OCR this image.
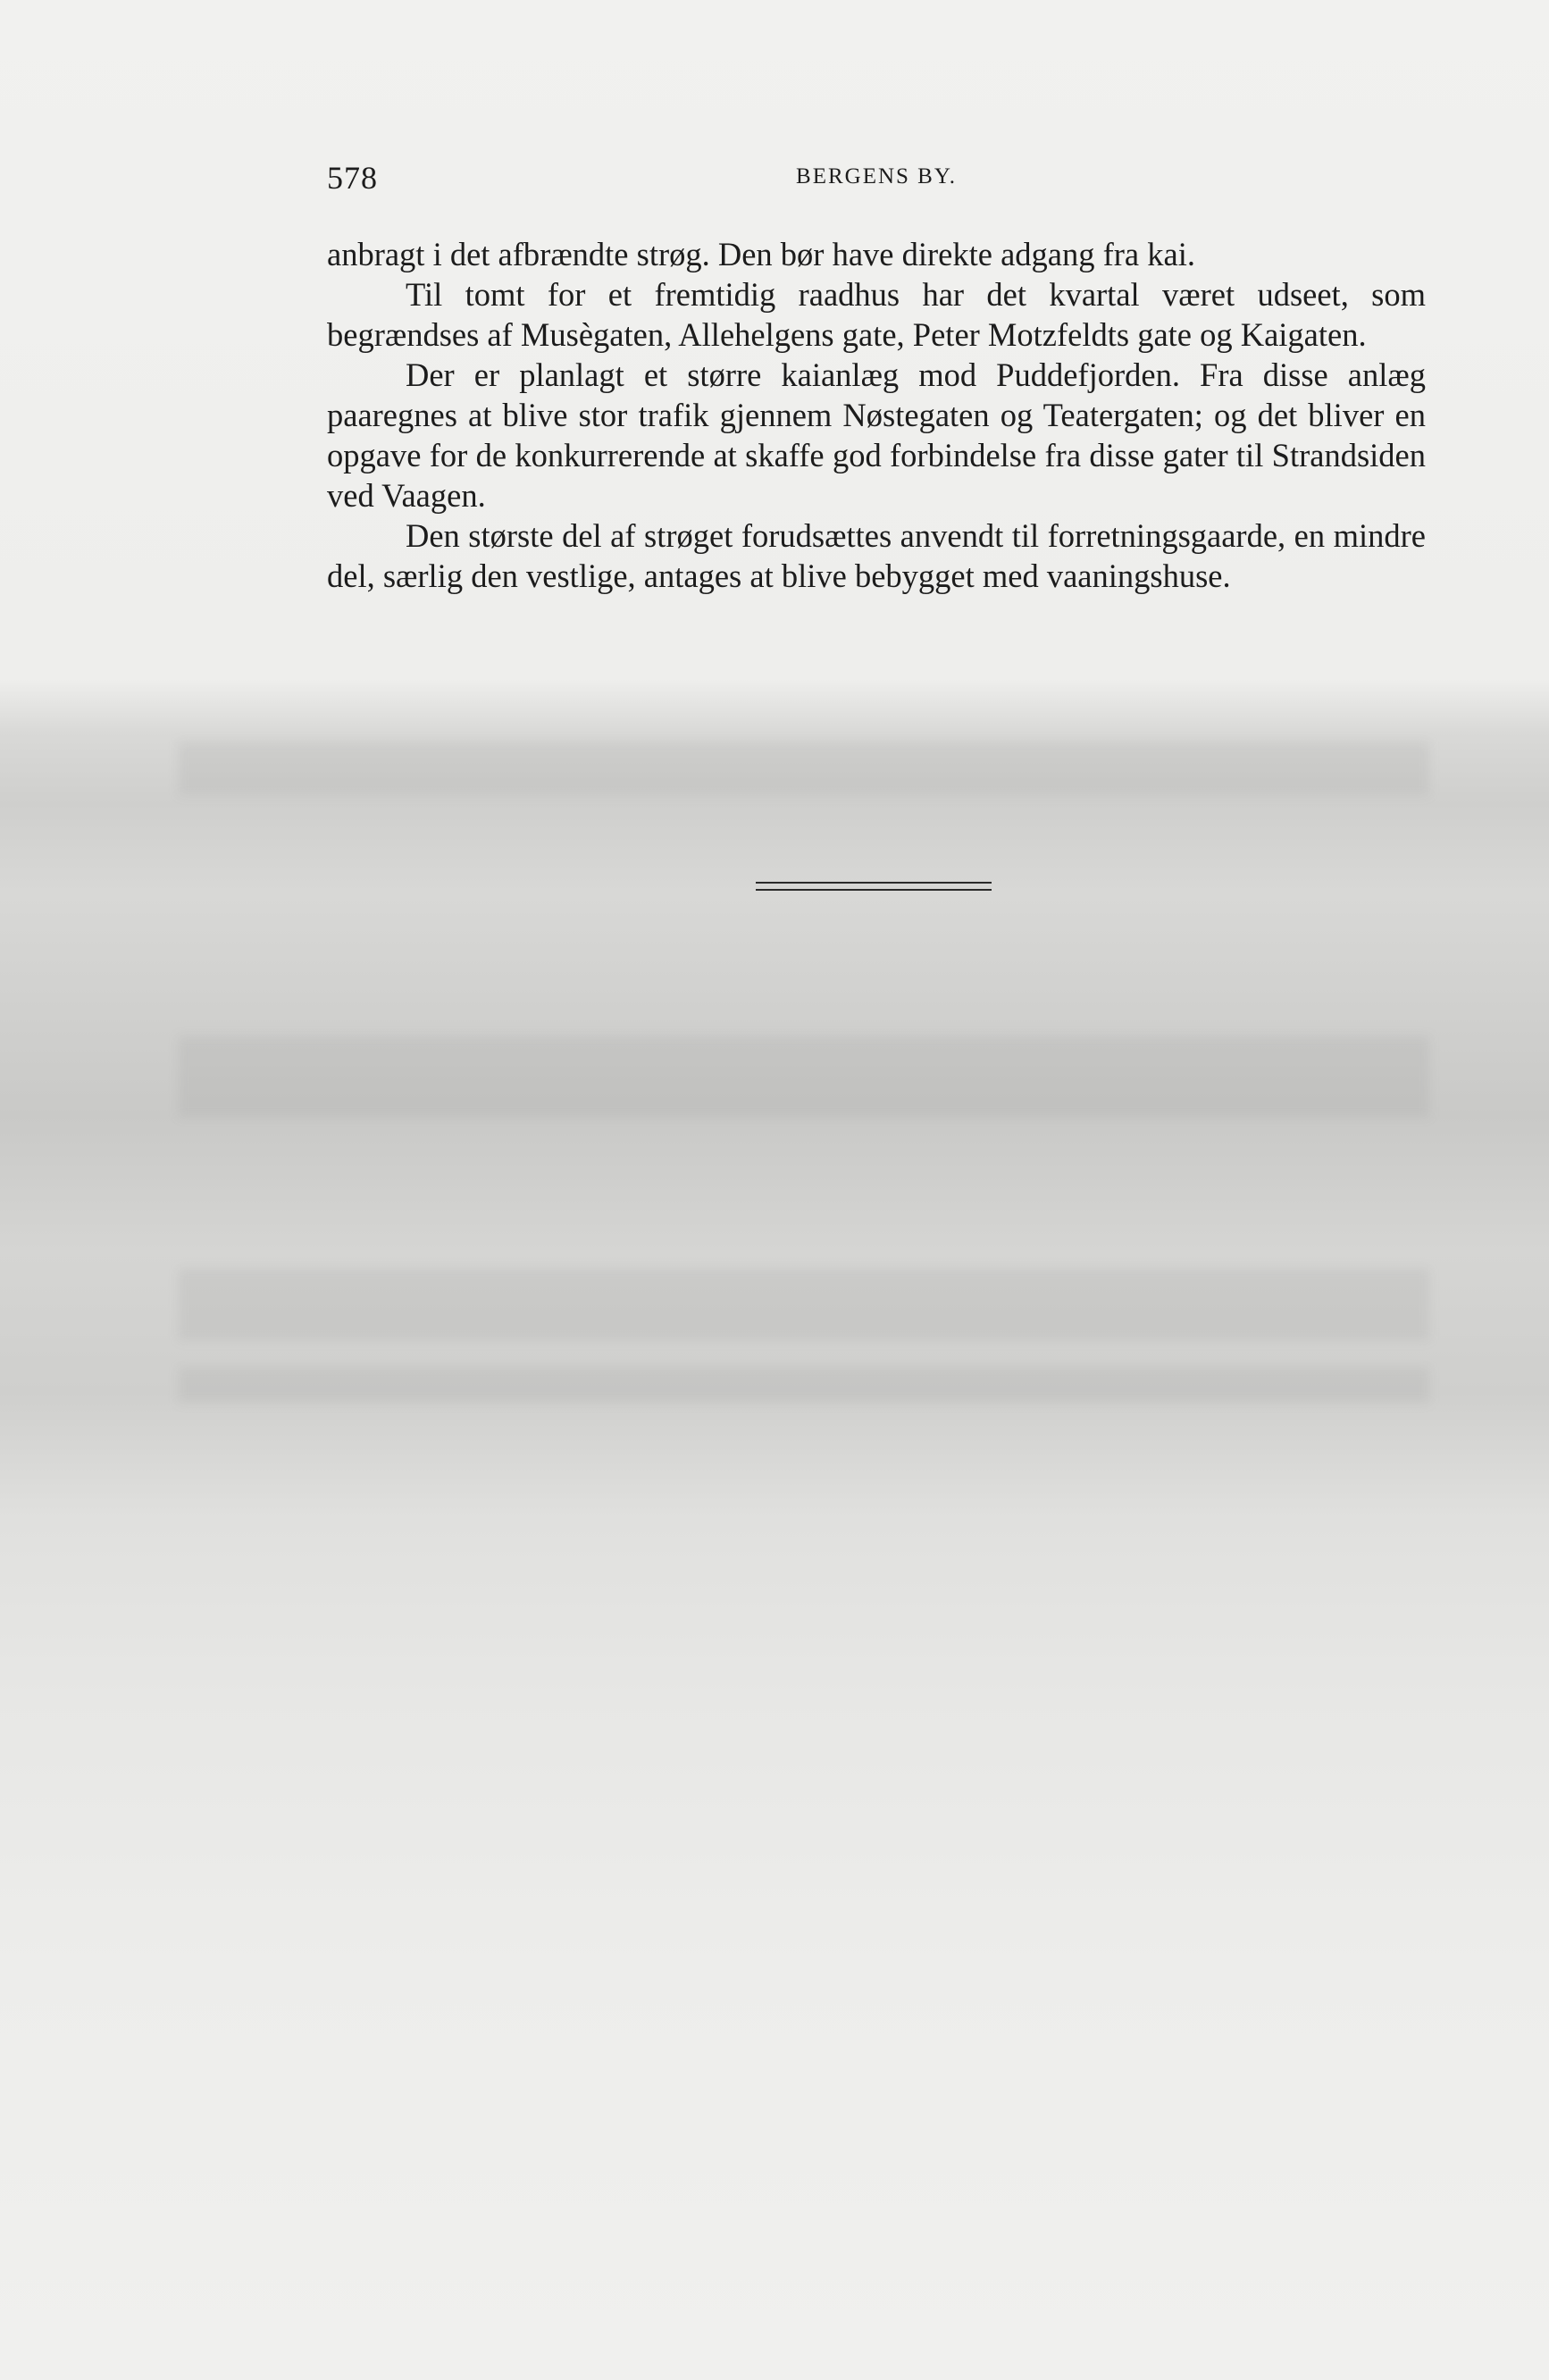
578	BERGENS BY.

anbragt i det afbrændte strøg. Den bør have direkte adgang fra kai.

Til tomt for et fremtidig raadhus har det kvartal været udseet, som begrændses af Musègaten, Allehelgens gate, Peter Motzfeldts gate og Kaigaten.

Der er planlagt et større kaianlæg mod Puddefjorden. Fra disse anlæg paaregnes at blive stor trafik gjennem Nøstegaten og Teatergaten; og det bliver en opgave for de konkurrerende at skaffe god forbindelse fra disse gater til Strandsiden ved Vaagen.

Den største del af strøget forudsættes anvendt til forretningsgaarde, en mindre del, særlig den vestlige, antages at blive bebygget med vaaningshuse.
